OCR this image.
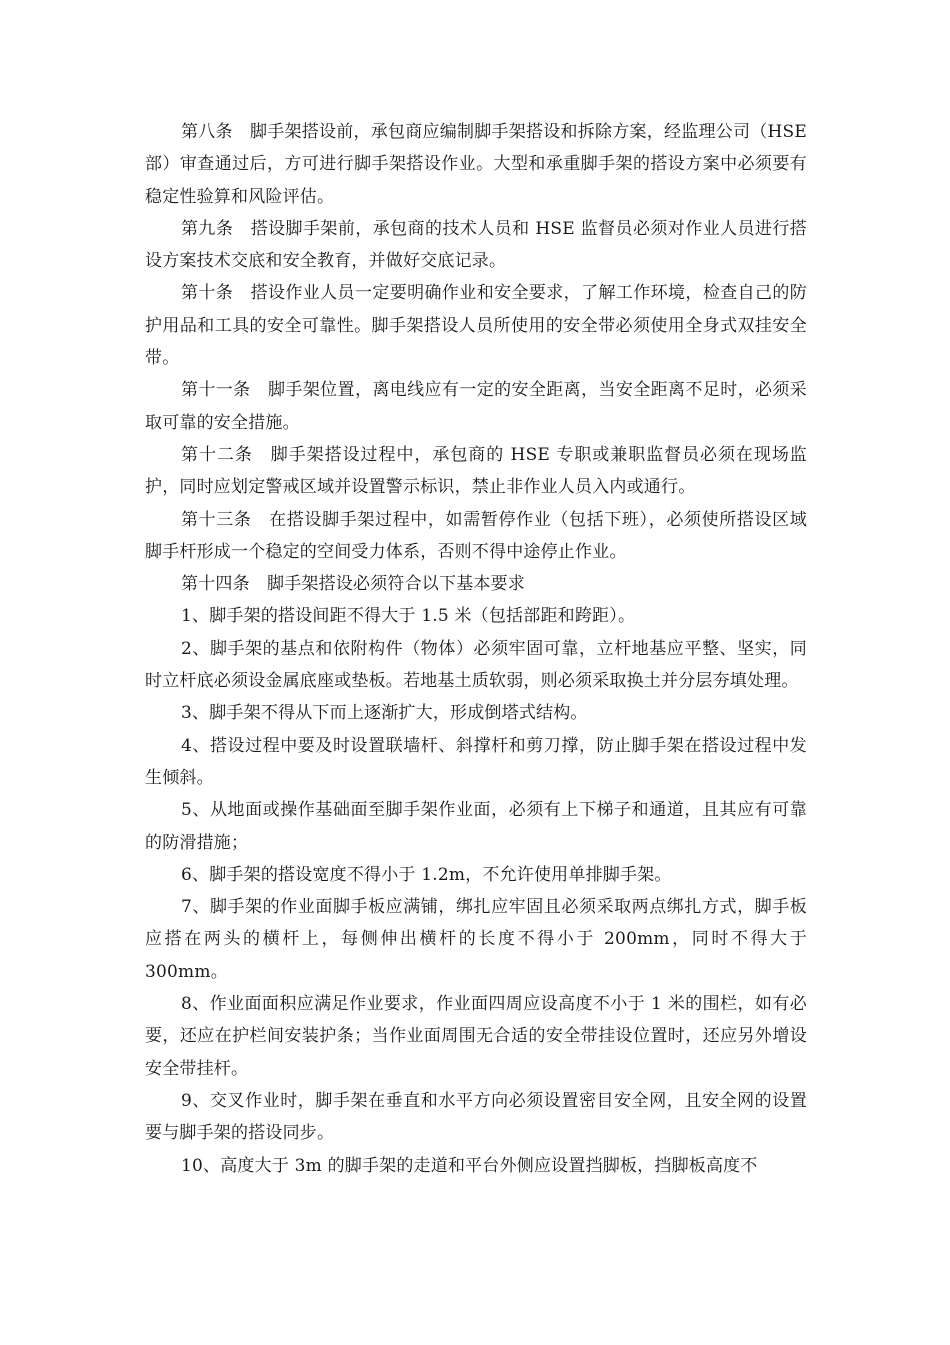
第八条　脚手架搭设前，承包商应编制脚手架搭设和拆除方案，经监理公司（HSE 部）审查通过后，方可进行脚手架搭设作业。大型和承重脚手架的搭设方案中必须要有稳定性验算和风险评估。

第九条　搭设脚手架前，承包商的技术人员和 HSE 监督员必须对作业人员进行搭设方案技术交底和安全教育，并做好交底记录。

第十条　搭设作业人员一定要明确作业和安全要求，了解工作环境，检查自己的防护用品和工具的安全可靠性。脚手架搭设人员所使用的安全带必须使用全身式双挂安全带。

第十一条　脚手架位置，离电线应有一定的安全距离，当安全距离不足时，必须采取可靠的安全措施。

第十二条　脚手架搭设过程中，承包商的 HSE 专职或兼职监督员必须在现场监护，同时应划定警戒区域并设置警示标识，禁止非作业人员入内或通行。

第十三条　在搭设脚手架过程中，如需暂停作业（包括下班），必须使所搭设区域脚手杆形成一个稳定的空间受力体系，否则不得中途停止作业。

第十四条　脚手架搭设必须符合以下基本要求

1、脚手架的搭设间距不得大于 1.5 米（包括部距和跨距）。

2、脚手架的基点和依附构件（物体）必须牢固可靠，立杆地基应平整、坚实，同时立杆底必须设金属底座或垫板。若地基土质软弱，则必须采取换土并分层夯填处理。

3、脚手架不得从下而上逐渐扩大，形成倒塔式结构。

4、搭设过程中要及时设置联墙杆、斜撑杆和剪刀撑，防止脚手架在搭设过程中发生倾斜。

5、从地面或操作基础面至脚手架作业面，必须有上下梯子和通道，且其应有可靠的防滑措施；

6、脚手架的搭设宽度不得小于 1.2m，不允许使用单排脚手架。

7、脚手架的作业面脚手板应满铺，绑扎应牢固且必须采取两点绑扎方式，脚手板应搭在两头的横杆上，每侧伸出横杆的长度不得小于 200mm，同时不得大于 300mm。

8、作业面面积应满足作业要求，作业面四周应设高度不小于 1 米的围栏，如有必要，还应在护栏间安装护条；当作业面周围无合适的安全带挂设位置时，还应另外增设安全带挂杆。

9、交叉作业时，脚手架在垂直和水平方向必须设置密目安全网，且安全网的设置要与脚手架的搭设同步。

10、高度大于 3m 的脚手架的走道和平台外侧应设置挡脚板，挡脚板高度不
